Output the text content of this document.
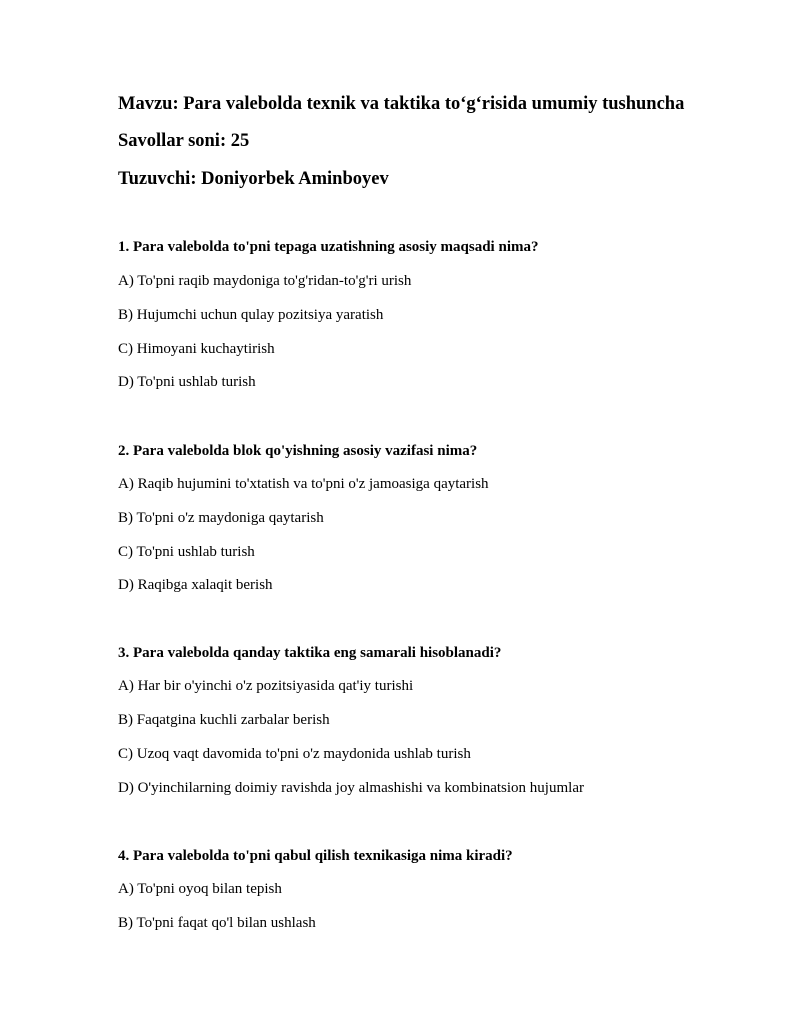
Mavzu: Para valebolda texnik va taktika to‘g‘risida umumiy tushuncha

Savollar soni: 25

Tuzuvchi: Doniyorbek Aminboyev

1. Para valebolda to'pni tepaga uzatishning asosiy maqsadi nima?

A) To'pni raqib maydoniga to'g'ridan-to'g'ri urish

B) Hujumchi uchun qulay pozitsiya yaratish

C) Himoyani kuchaytirish

D) To'pni ushlab turish

2. Para valebolda blok qo'yishning asosiy vazifasi nima?

A) Raqib hujumini to'xtatish va to'pni o'z jamoasiga qaytarish

B) To'pni o'z maydoniga qaytarish

C) To'pni ushlab turish

D) Raqibga xalaqit berish

3. Para valebolda qanday taktika eng samarali hisoblanadi?

A) Har bir o'yinchi o'z pozitsiyasida qat'iy turishi

B) Faqatgina kuchli zarbalar berish

C) Uzoq vaqt davomida to'pni o'z maydonida ushlab turish

D) O'yinchilarning doimiy ravishda joy almashishi va kombinatsion hujumlar

4. Para valebolda to'pni qabul qilish texnikasiga nima kiradi?

A) To'pni oyoq bilan tepish

B) To'pni faqat qo'l bilan ushlash
